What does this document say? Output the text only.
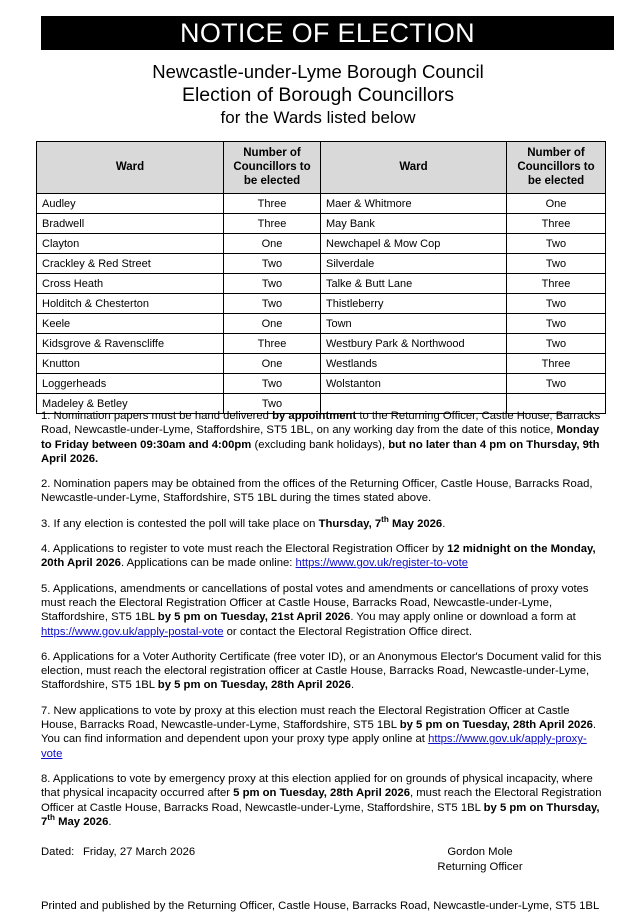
NOTICE OF ELECTION
Newcastle-under-Lyme Borough Council
Election of Borough Councillors
for the Wards listed below
Ward	Number of
Councillors to
be elected	Ward	Number of
Councillors to
be elected
Audley	Three	Maer & Whitmore	One
Bradwell	Three	May Bank	Three
Clayton	One	Newchapel & Mow Cop	Two
Crackley & Red Street	Two	Silverdale	Two
Cross Heath	Two	Talke & Butt Lane	Three
Holditch & Chesterton	Two	Thistleberry	Two
Keele	One	Town	Two
Kidsgrove & Ravenscliffe	Three	Westbury Park & Northwood	Two
Knutton	One	Westlands	Three
Loggerheads	Two	Wolstanton	Two
Madeley & Betley	Two		

1. Nomination papers must be hand delivered by appointment to the Returning Officer, Castle House, Barracks Road, Newcastle-under-Lyme, Staffordshire, ST5 1BL, on any working day from the date of this notice, Monday to Friday between 09:30am and 4:00pm (excluding bank holidays), but no later than 4 pm on Thursday, 9th April 2026.

2. Nomination papers may be obtained from the offices of the Returning Officer, Castle House, Barracks Road, Newcastle-under-Lyme, Staffordshire, ST5 1BL during the times stated above.

3. If any election is contested the poll will take place on Thursday, 7th May 2026.

4. Applications to register to vote must reach the Electoral Registration Officer by 12 midnight on the Monday, 20th April 2026. Applications can be made online: https://www.gov.uk/register-to-vote

5. Applications, amendments or cancellations of postal votes and amendments or cancellations of proxy votes must reach the Electoral Registration Officer at Castle House, Barracks Road, Newcastle-under-Lyme, Staffordshire, ST5 1BL by 5 pm on Tuesday, 21st April 2026. You may apply online or download a form at https://www.gov.uk/apply-postal-vote or contact the Electoral Registration Office direct.

6. Applications for a Voter Authority Certificate (free voter ID), or an Anonymous Elector's Document valid for this election, must reach the electoral registration officer at Castle House, Barracks Road, Newcastle-under-Lyme, Staffordshire, ST5 1BL by 5 pm on Tuesday, 28th April 2026.

7. New applications to vote by proxy at this election must reach the Electoral Registration Officer at Castle House, Barracks Road, Newcastle-under-Lyme, Staffordshire, ST5 1BL by 5 pm on Tuesday, 28th April 2026. You can find information and dependent upon your proxy type apply online at https://www.gov.uk/apply-proxy-vote

8. Applications to vote by emergency proxy at this election applied for on grounds of physical incapacity, where that physical incapacity occurred after 5 pm on Tuesday, 28th April 2026, must reach the Electoral Registration Officer at Castle House, Barracks Road, Newcastle-under-Lyme, Staffordshire, ST5 1BL by 5 pm on Thursday, 7th May 2026.

Dated: Friday, 27 March 2026	Gordon Mole
Returning Officer
Printed and published by the Returning Officer, Castle House, Barracks Road, Newcastle-under-Lyme, ST5 1BL
